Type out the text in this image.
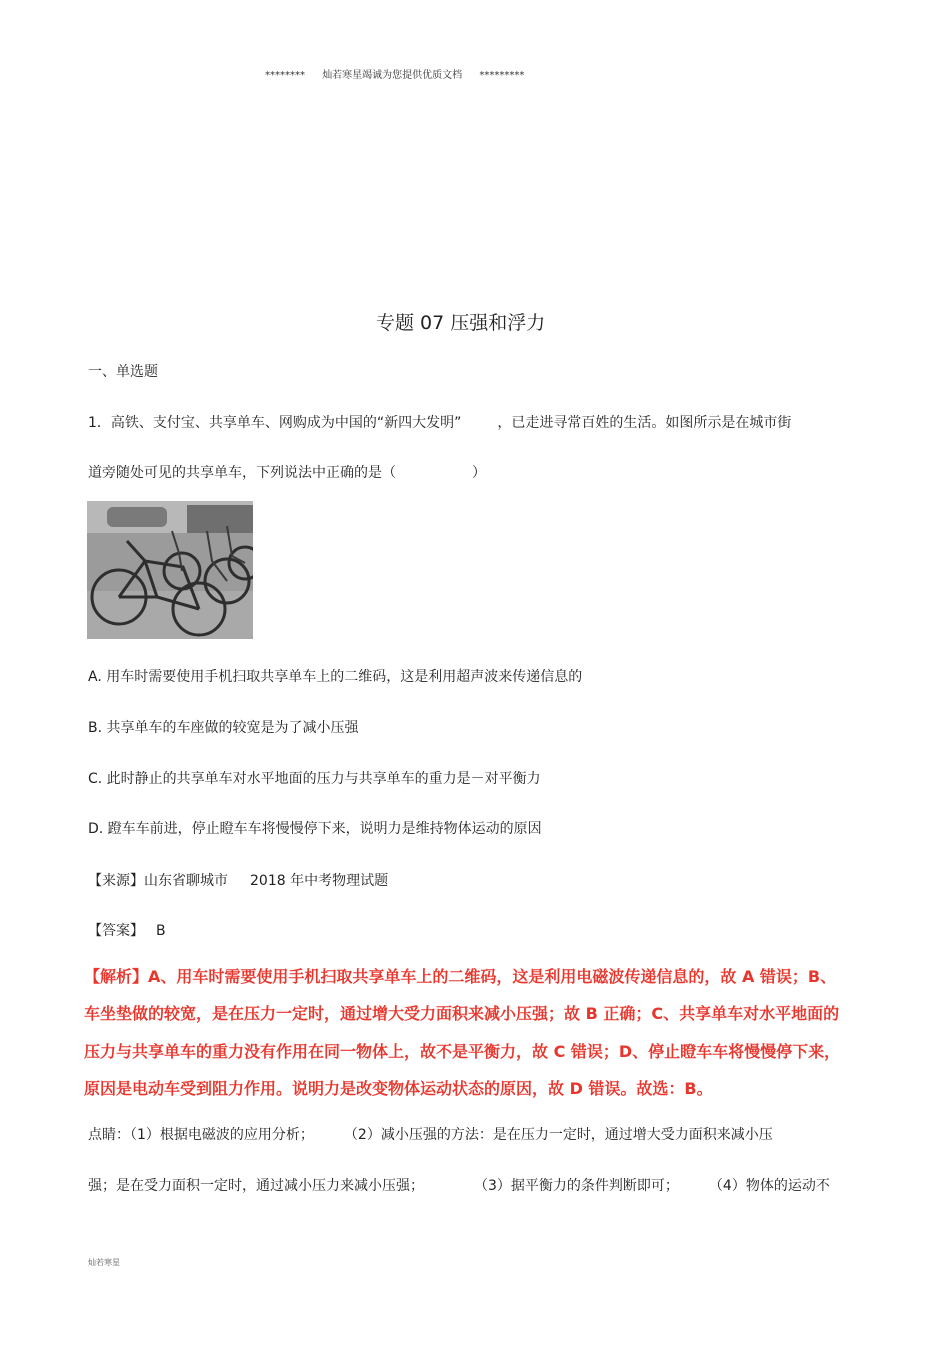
******** 灿若寒星竭诚为您提供优质文档 *********
专题 07 压强和浮力
一、单选题
1．高铁、支付宝、共享单车、网购成为中国的“新四大发明”	，已走进寻常百姓的生活。如图所示是在城市街
道旁随处可见的共享单车，下列说法中正确的是（	）
A. 用车时需要使用手机扫取共享单车上的二维码，这是利用超声波来传递信息的
B. 共享单车的车座做的较宽是为了减小压强
C. 此时静止的共享单车对水平地面的压力与共享单车的重力是－对平衡力
D. 蹬车车前进，停止瞪车车将慢慢停下来，说明力是维持物体运动的原因
【来源】山东省聊城市 2018 年中考物理试题
【答案】 B
【解析】A、用车时需要使用手机扫取共享单车上的二维码，这是利用电磁波传递信息的，故 A 错误；B、
车坐垫做的较宽，是在压力一定时，通过增大受力面积来减小压强；故 B 正确；C、共享单车对水平地面的
压力与共享单车的重力没有作用在同一物体上，故不是平衡力，故 C 错误；D、停止瞪车车将慢慢停下来，
原因是电动车受到阻力作用。说明力是改变物体运动状态的原因，故 D 错误。故选：B。
点睛：（1）根据电磁波的应用分析； （2）减小压强的方法：是在压力一定时，通过增大受力面积来减小压
强；是在受力面积一定时，通过减小压力来减小压强；	（3）据平衡力的条件判断即可； （4）物体的运动不
灿若寒星
